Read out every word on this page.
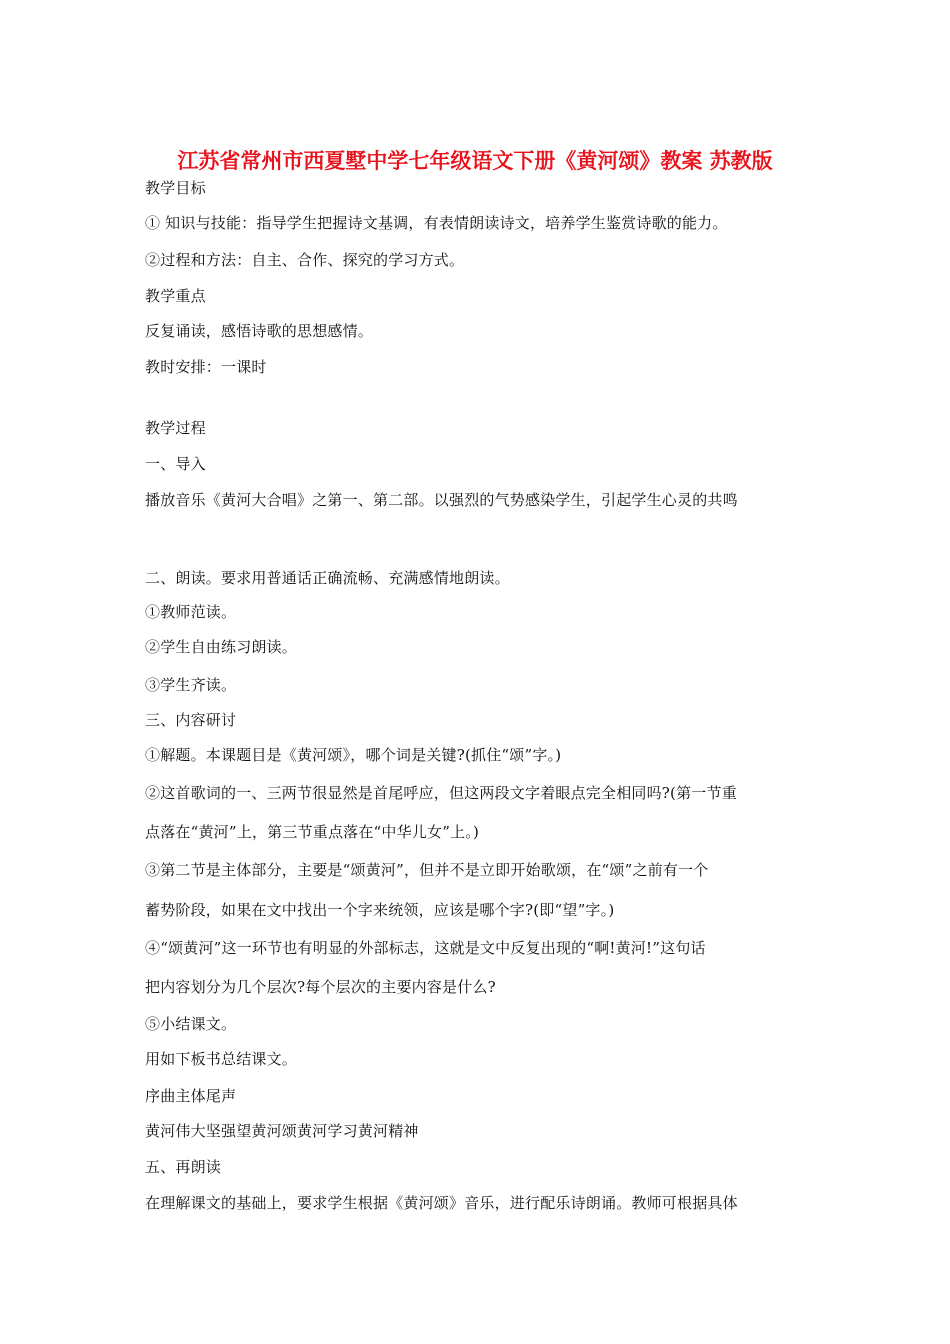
江苏省常州市西夏墅中学七年级语文下册《黄河颂》教案 苏教版
教学目标
① 知识与技能：指导学生把握诗文基调，有表情朗读诗文，培养学生鉴赏诗歌的能力。
②过程和方法：自主、合作、探究的学习方式。
教学重点
反复诵读，感悟诗歌的思想感情。
教时安排：一课时
教学过程
一、导入
播放音乐《黄河大合唱》之第一、第二部。以强烈的气势感染学生，引起学生心灵的共鸣
二、朗读。要求用普通话正确流畅、充满感情地朗读。
①教师范读。
②学生自由练习朗读。
③学生齐读。
三、内容研讨
①解题。本课题目是《黄河颂》，哪个词是关键?(抓住“颂”字。)
②这首歌词的一、三两节很显然是首尾呼应，但这两段文字着眼点完全相同吗?(第一节重
点落在“黄河”上，第三节重点落在“中华儿女”上。)
③第二节是主体部分，主要是“颂黄河”，但并不是立即开始歌颂，在“颂”之前有一个
蓄势阶段，如果在文中找出一个字来统领，应该是哪个字?(即“望”字。)
④“颂黄河”这一环节也有明显的外部标志，这就是文中反复出现的“啊!黄河!”这句话
把内容划分为几个层次?每个层次的主要内容是什么?
⑤小结课文。
用如下板书总结课文。
序曲主体尾声
黄河伟大坚强望黄河颂黄河学习黄河精神
五、再朗读
在理解课文的基础上，要求学生根据《黄河颂》音乐，进行配乐诗朗诵。教师可根据具体
